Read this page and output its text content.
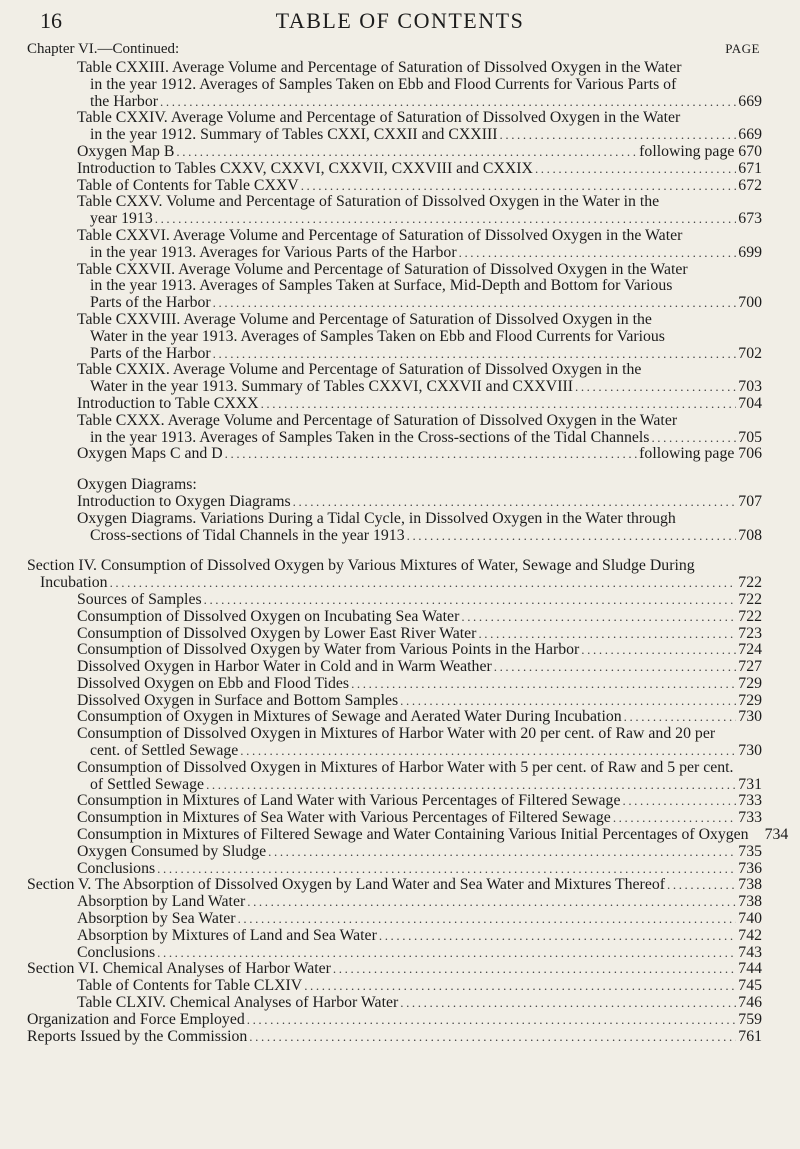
16	TABLE OF CONTENTS
Chapter VI.—Continued:	PAGE
Table CXXIII. Average Volume and Percentage of Saturation of Dissolved Oxygen in the Water
in the year 1912. Averages of Samples Taken on Ebb and Flood Currents for Various Parts of
the Harbor .....	669
Table CXXIV. Average Volume and Percentage of Saturation of Dissolved Oxygen in the Water
in the year 1912. Summary of Tables CXXI, CXXII and CXXIII .....	669
Oxygen Map B .....	following page 670
Introduction to Tables CXXV, CXXVI, CXXVII, CXXVIII and CXXIX .....	671
Table of Contents for Table CXXV .....	672
Table CXXV. Volume and Percentage of Saturation of Dissolved Oxygen in the Water in the
year 1913 .....	673
Table CXXVI. Average Volume and Percentage of Saturation of Dissolved Oxygen in the Water
in the year 1913. Averages for Various Parts of the Harbor .....	699
Table CXXVII. Average Volume and Percentage of Saturation of Dissolved Oxygen in the Water
in the year 1913. Averages of Samples Taken at Surface, Mid-Depth and Bottom for Various
Parts of the Harbor .....	700
Table CXXVIII. Average Volume and Percentage of Saturation of Dissolved Oxygen in the
Water in the year 1913. Averages of Samples Taken on Ebb and Flood Currents for Various
Parts of the Harbor .....	702
Table CXXIX. Average Volume and Percentage of Saturation of Dissolved Oxygen in the
Water in the year 1913. Summary of Tables CXXVI, CXXVII and CXXVIII .....	703
Introduction to Table CXXX .....	704
Table CXXX. Average Volume and Percentage of Saturation of Dissolved Oxygen in the Water
in the year 1913. Averages of Samples Taken in the Cross-sections of the Tidal Channels .....	705
Oxygen Maps C and D .....	following page 706
Oxygen Diagrams:
Introduction to Oxygen Diagrams .....	707
Oxygen Diagrams. Variations During a Tidal Cycle, in Dissolved Oxygen in the Water through
Cross-sections of Tidal Channels in the year 1913 .....	708
Section IV. Consumption of Dissolved Oxygen by Various Mixtures of Water, Sewage and Sludge During
Incubation .....	722
Sources of Samples .....	722
Consumption of Dissolved Oxygen on Incubating Sea Water .....	722
Consumption of Dissolved Oxygen by Lower East River Water .....	723
Consumption of Dissolved Oxygen by Water from Various Points in the Harbor .....	724
Dissolved Oxygen in Harbor Water in Cold and in Warm Weather .....	727
Dissolved Oxygen on Ebb and Flood Tides .....	729
Dissolved Oxygen in Surface and Bottom Samples .....	729
Consumption of Oxygen in Mixtures of Sewage and Aerated Water During Incubation .....	730
Consumption of Dissolved Oxygen in Mixtures of Harbor Water with 20 per cent. of Raw and 20 per
cent. of Settled Sewage .....	730
Consumption of Dissolved Oxygen in Mixtures of Harbor Water with 5 per cent. of Raw and 5 per cent.
of Settled Sewage .....	731
Consumption in Mixtures of Land Water with Various Percentages of Filtered Sewage .....	733
Consumption in Mixtures of Sea Water with Various Percentages of Filtered Sewage .....	733
Consumption in Mixtures of Filtered Sewage and Water Containing Various Initial Percentages of Oxygen 734
Oxygen Consumed by Sludge .....	735
Conclusions .....	736
Section V. The Absorption of Dissolved Oxygen by Land Water and Sea Water and Mixtures Thereof .....	738
Absorption by Land Water .....	738
Absorption by Sea Water .....	740
Absorption by Mixtures of Land and Sea Water .....	742
Conclusions .....	743
Section VI. Chemical Analyses of Harbor Water .....	744
Table of Contents for Table CLXIV .....	745
Table CLXIV. Chemical Analyses of Harbor Water .....	746
Organization and Force Employed .....	759
Reports Issued by the Commission .....	761
